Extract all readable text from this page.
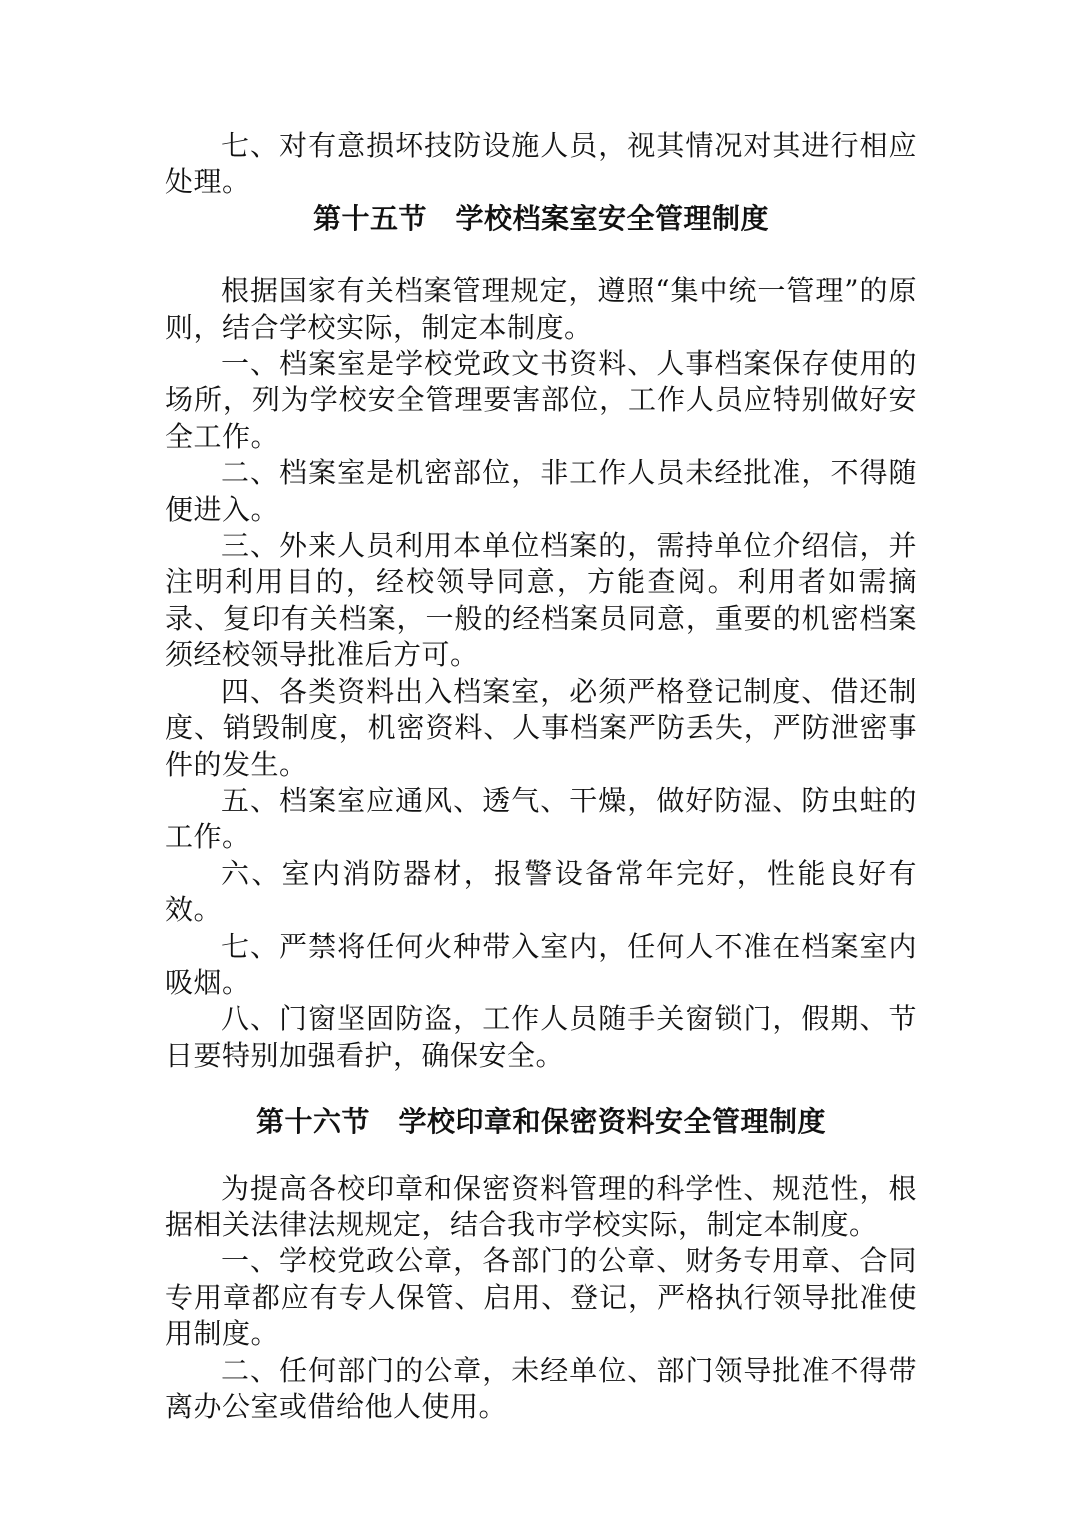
七、对有意损坏技防设施人员，视其情况对其进行相应处理。

第十五节　学校档案室安全管理制度

根据国家有关档案管理规定，遵照“集中统一管理”的原则，结合学校实际，制定本制度。

一、档案室是学校党政文书资料、人事档案保存使用的场所，列为学校安全管理要害部位，工作人员应特别做好安全工作。

二、档案室是机密部位，非工作人员未经批准，不得随便进入。

三、外来人员利用本单位档案的，需持单位介绍信，并注明利用目的，经校领导同意，方能查阅。利用者如需摘录、复印有关档案，一般的经档案员同意，重要的机密档案须经校领导批准后方可。

四、各类资料出入档案室，必须严格登记制度、借还制度、销毁制度，机密资料、人事档案严防丢失，严防泄密事件的发生。

五、档案室应通风、透气、干燥，做好防湿、防虫蛀的工作。

六、室内消防器材，报警设备常年完好，性能良好有效。

七、严禁将任何火种带入室内，任何人不准在档案室内吸烟。

八、门窗坚固防盗，工作人员随手关窗锁门，假期、节日要特别加强看护，确保安全。

第十六节　学校印章和保密资料安全管理制度

为提高各校印章和保密资料管理的科学性、规范性，根据相关法律法规规定，结合我市学校实际，制定本制度。

一、学校党政公章，各部门的公章、财务专用章、合同专用章都应有专人保管、启用、登记，严格执行领导批准使用制度。

二、任何部门的公章，未经单位、部门领导批准不得带离办公室或借给他人使用。
